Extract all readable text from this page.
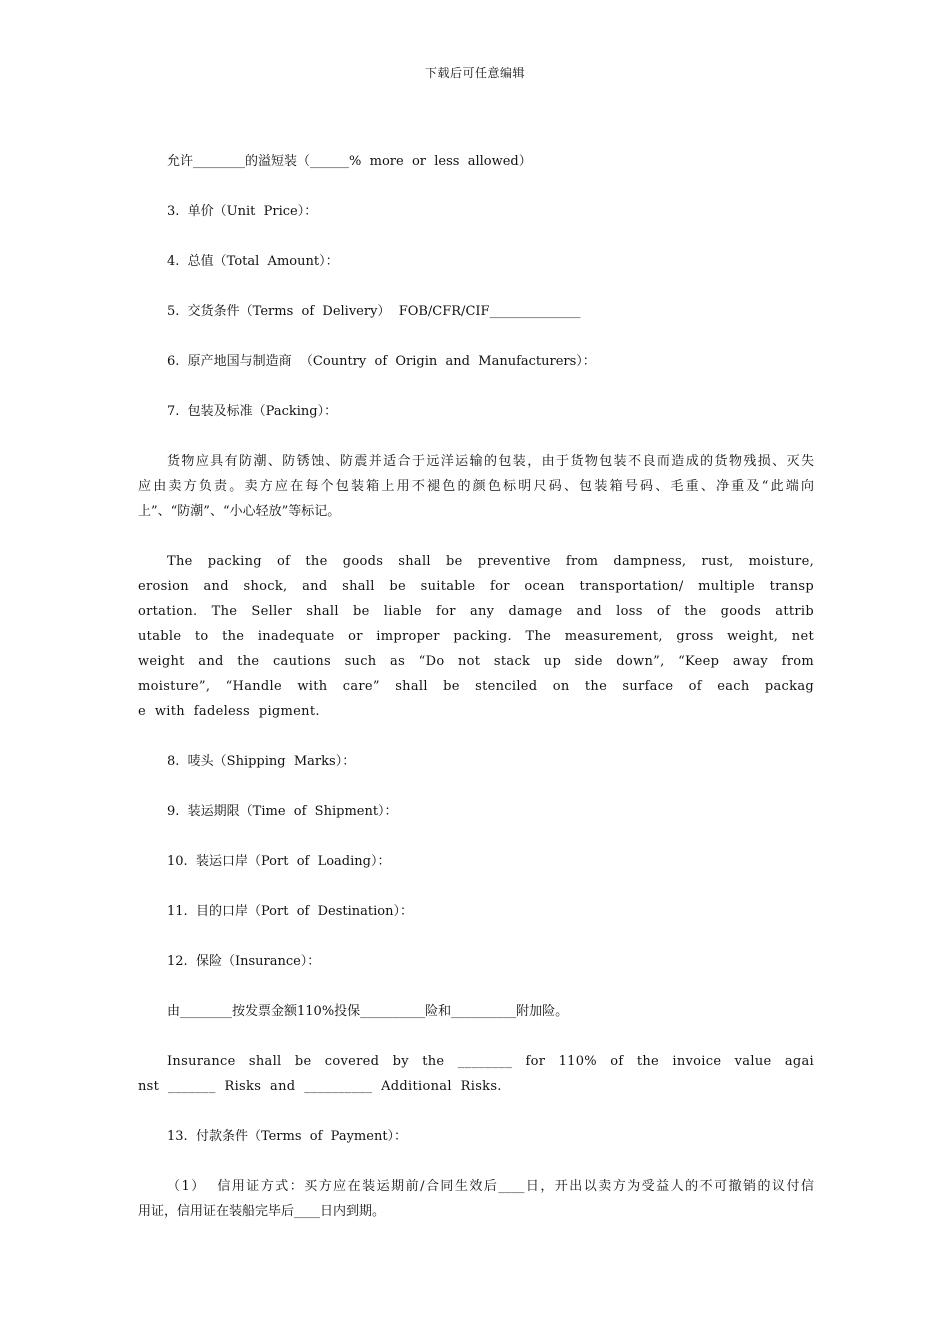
下载后可任意编辑
允许________的溢短装（______%  more  or  less  allowed）
3.  单价（Unit  Price）：
4.  总值（Total  Amount）：
5.  交货条件（Terms  of  Delivery）  FOB/CFR/CIF______________
6.  原产地国与制造商  （Country  of  Origin  and  Manufacturers）：
7.  包装及标准（Packing）：
货物应具有防潮、防锈蚀、防震并适合于远洋运输的包装，由于货物包装不良而造成的货物残损、灭失
应由卖方负责。卖方应在每个包装箱上用不褪色的颜色标明尺码、包装箱号码、毛重、净重及“此端向
上”、“防潮”、“小心轻放”等标记。
The packing of the goods shall be preventive from dampness, rust, moisture,
erosion and shock, and shall be suitable for ocean transportation/ multiple transp
ortation. The Seller shall be liable for any damage and loss of the goods attrib
utable to the inadequate or improper packing. The measurement, gross weight, net
weight and the cautions such as “Do not stack up side down”, “Keep away from
moisture”, “Handle with care” shall be stenciled on the surface of each packag
e  with  fadeless  pigment.
8.  唛头（Shipping  Marks）：
9.  装运期限（Time  of  Shipment）：
10.  装运口岸（Port  of  Loading）：
11.  目的口岸（Port  of  Destination）：
12.  保险（Insurance）：
由________按发票金额110%投保__________险和__________附加险。
Insurance shall be covered by the ________ for 110% of the invoice value agai
nst  _______  Risks  and  __________  Additional  Risks.
13.  付款条件（Terms  of  Payment）：
（1） 信用证方式：买方应在装运期前/合同生效后____日，开出以卖方为受益人的不可撤销的议付信
用证，信用证在装船完毕后____日内到期。
